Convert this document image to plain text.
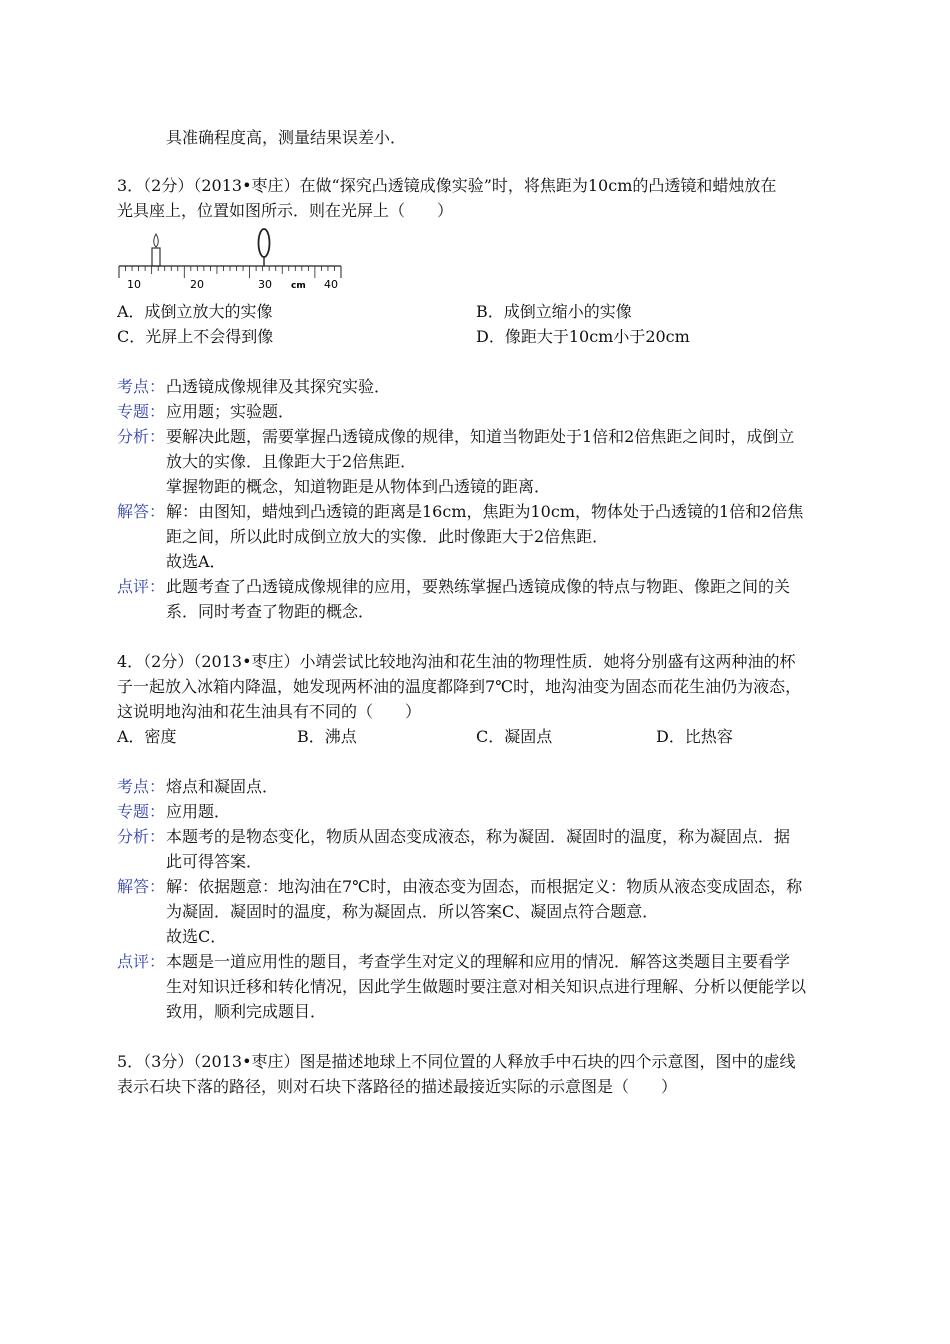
具准确程度高，测量结果误差小．
3．（2分）（2013•枣庄）在做“探究凸透镜成像实验”时，将焦距为10cm的凸透镜和蜡烛放在
光具座上，位置如图所示．则在光屏上（　　）
10	20	30 cm 40
A．成倒立放大的实像	B．成倒立缩小的实像
C．光屏上不会得到像	D．像距大于10cm小于20cm
考点： 凸透镜成像规律及其探究实验．
专题： 应用题；实验题．
分析： 要解决此题，需要掌握凸透镜成像的规律，知道当物距处于1倍和2倍焦距之间时，成倒立
放大的实像．且像距大于2倍焦距．
掌握物距的概念，知道物距是从物体到凸透镜的距离．
解答： 解：由图知，蜡烛到凸透镜的距离是16cm，焦距为10cm，物体处于凸透镜的1倍和2倍焦
距之间，所以此时成倒立放大的实像．此时像距大于2倍焦距．
故选A．
点评： 此题考查了凸透镜成像规律的应用，要熟练掌握凸透镜成像的特点与物距、像距之间的关
系．同时考查了物距的概念．
4．（2分）（2013•枣庄）小靖尝试比较地沟油和花生油的物理性质．她将分别盛有这两种油的杯
子一起放入冰箱内降温，她发现两杯油的温度都降到7℃时，地沟油变为固态而花生油仍为液态，
这说明地沟油和花生油具有不同的（　　）
A．密度	B．沸点	C．凝固点	D．比热容
考点： 熔点和凝固点．
专题： 应用题．
分析： 本题考的是物态变化，物质从固态变成液态，称为凝固．凝固时的温度，称为凝固点．据
此可得答案．
解答： 解：依据题意：地沟油在7℃时，由液态变为固态，而根据定义：物质从液态变成固态，称
为凝固．凝固时的温度，称为凝固点．所以答案C、凝固点符合题意．
故选C．
点评： 本题是一道应用性的题目，考查学生对定义的理解和应用的情况．解答这类题目主要看学
生对知识迁移和转化情况，因此学生做题时要注意对相关知识点进行理解、分析以便能学以
致用，顺利完成题目．
5．（3分）（2013•枣庄）图是描述地球上不同位置的人释放手中石块的四个示意图，图中的虚线
表示石块下落的路径，则对石块下落路径的描述最接近实际的示意图是（　　）
